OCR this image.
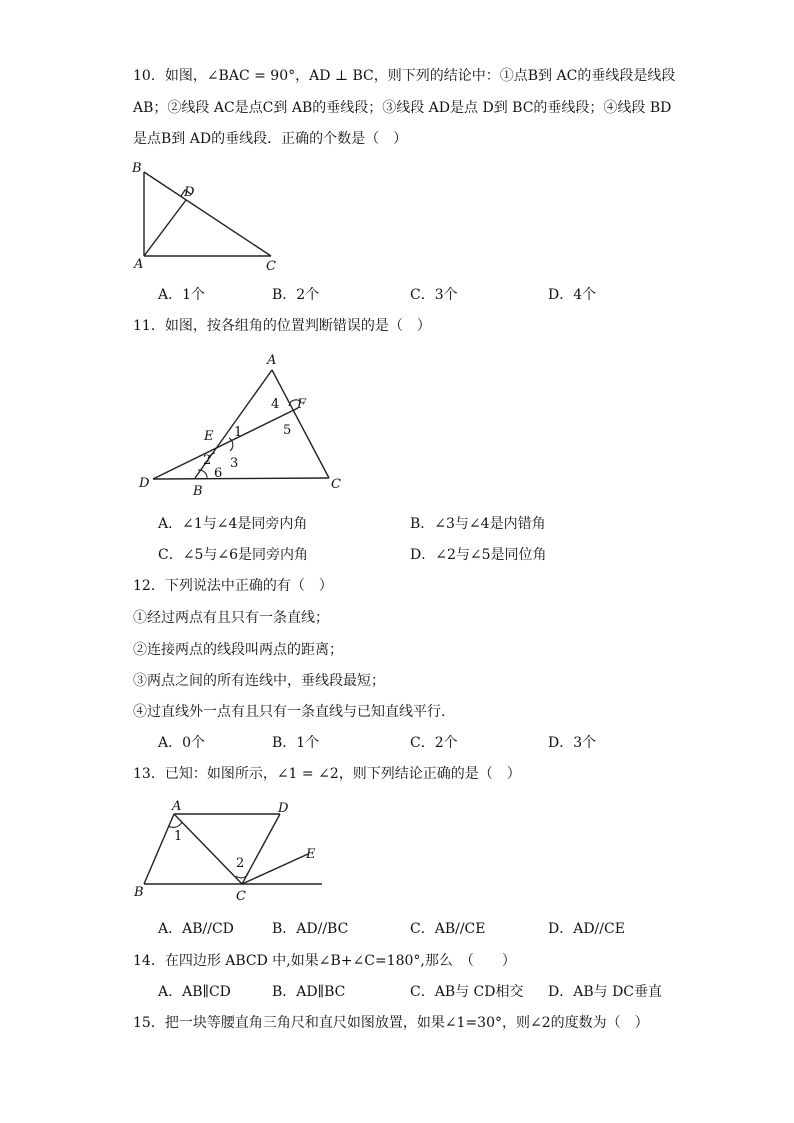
10．如图，∠BAC = 90°，AD ⊥ BC，则下列的结论中：①点B到 AC的垂线段是线段
AB；②线段 AC是点C到 AB的垂线段；③线段 AD是点 D到 BC的垂线段；④线段 BD
是点B到 AD的垂线段．正确的个数是（　）
B
D
A	C
A．1个	B．2个	C．3个	D．4个
11．如图，按各组角的位置判断错误的是（　）
A
F
E
D
B	C
1
2 3
4
5
6
A．∠1与∠4是同旁内角	B．∠3与∠4是内错角
C．∠5与∠6是同旁内角	D．∠2与∠5是同位角
12．下列说法中正确的有（　）
①经过两点有且只有一条直线；
②连接两点的线段叫两点的距离；
③两点之间的所有连线中，垂线段最短；
④过直线外一点有且只有一条直线与已知直线平行.
A．0个	B．1个	C．2个	D．3个
13．已知：如图所示，∠1 = ∠2，则下列结论正确的是（　）
A	D
B	C
E
1
2
A．AB//CD	B．AD//BC	C．AB//CE	D．AD//CE
14．在四边形 ABCD 中,如果∠B+∠C=180°,那么　（　　）
A．AB∥CD	B．AD∥BC	C．AB与 CD相交 D．AB与 DC垂直
15．把一块等腰直角三角尺和直尺如图放置，如果∠1=30°，则∠2的度数为（　）
